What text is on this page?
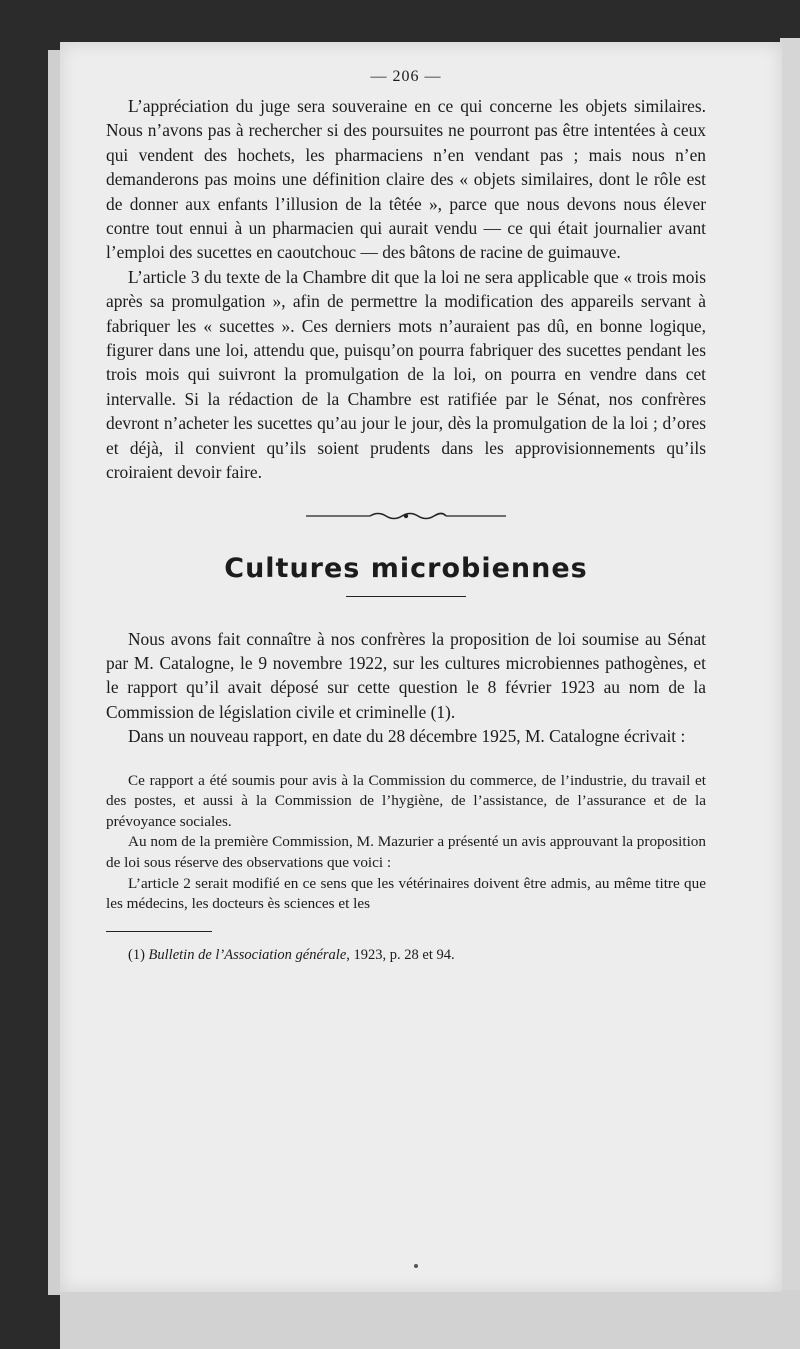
— 206 —

L’appréciation du juge sera souveraine en ce qui concerne les objets similaires. Nous n’avons pas à rechercher si des poursuites ne pourront pas être intentées à ceux qui vendent des hochets, les pharmaciens n’en vendant pas ; mais nous n’en demanderons pas moins une définition claire des « objets similaires, dont le rôle est de donner aux enfants l’illusion de la têtée », parce que nous devons nous élever contre tout ennui à un pharmacien qui aurait vendu — ce qui était journalier avant l’emploi des sucettes en caoutchouc — des bâtons de racine de guimauve.

L’article 3 du texte de la Chambre dit que la loi ne sera applicable que « trois mois après sa promulgation », afin de permettre la modification des appareils servant à fabriquer les « sucettes ». Ces derniers mots n’auraient pas dû, en bonne logique, figurer dans une loi, attendu que, puisqu’on pourra fabriquer des sucettes pendant les trois mois qui suivront la promulgation de la loi, on pourra en vendre dans cet intervalle. Si la rédaction de la Chambre est ratifiée par le Sénat, nos confrères devront n’acheter les sucettes qu’au jour le jour, dès la promulgation de la loi ; d’ores et déjà, il convient qu’ils soient prudents dans les approvisionnements qu’ils croiraient devoir faire.

Cultures microbiennes

Nous avons fait connaître à nos confrères la proposition de loi soumise au Sénat par M. Catalogne, le 9 novembre 1922, sur les cultures microbiennes pathogènes, et le rapport qu’il avait déposé sur cette question le 8 février 1923 au nom de la Commission de législation civile et criminelle (1).

Dans un nouveau rapport, en date du 28 décembre 1925, M. Catalogne écrivait :

Ce rapport a été soumis pour avis à la Commission du commerce, de l’industrie, du travail et des postes, et aussi à la Commission de l’hygiène, de l’assistance, de l’assurance et de la prévoyance sociales.

Au nom de la première Commission, M. Mazurier a présenté un avis approuvant la proposition de loi sous réserve des observations que voici :

L’article 2 serait modifié en ce sens que les vétérinaires doivent être admis, au même titre que les médecins, les docteurs ès sciences et les

(1) Bulletin de l’Association générale, 1923, p. 28 et 94.
